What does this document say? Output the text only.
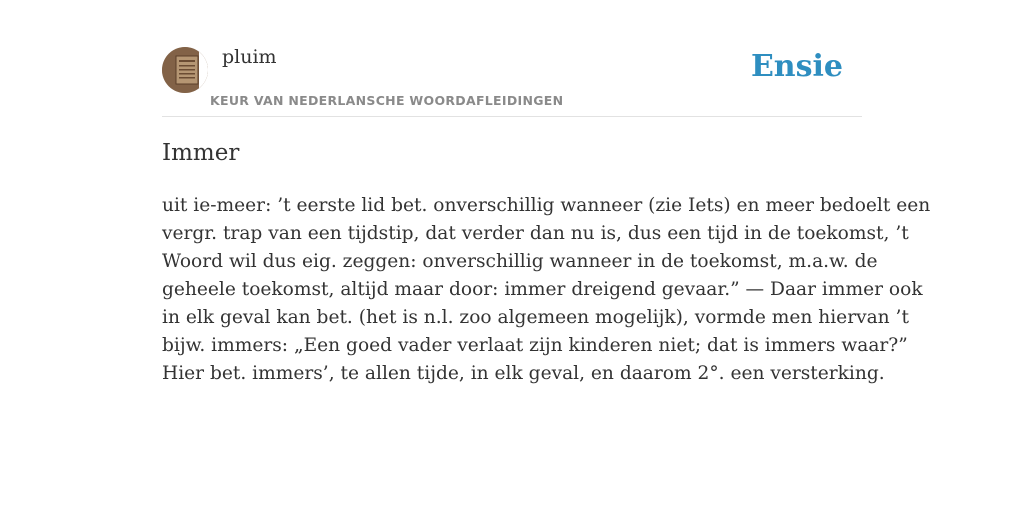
pluim
KEUR VAN NEDERLANSCHE WOORDAFLEIDINGEN
Ensie
Immer

uit ie-meer: ’t eerste lid bet. onverschillig wanneer (zie Iets) en meer bedoelt een
vergr. trap van een tijdstip, dat verder dan nu is, dus een tijd in de toekomst, ’t
Woord wil dus eig. zeggen: onverschillig wanneer in de toekomst, m.a.w. de
geheele toekomst, altijd maar door: immer dreigend gevaar.” — Daar immer ook
in elk geval kan bet. (het is n.l. zoo algemeen mogelijk), vormde men hiervan ’t
bijw. immers: „Een goed vader verlaat zijn kinderen niet; dat is immers waar?”
Hier bet. immers’, te allen tijde, in elk geval, en daarom 2°. een versterking.
